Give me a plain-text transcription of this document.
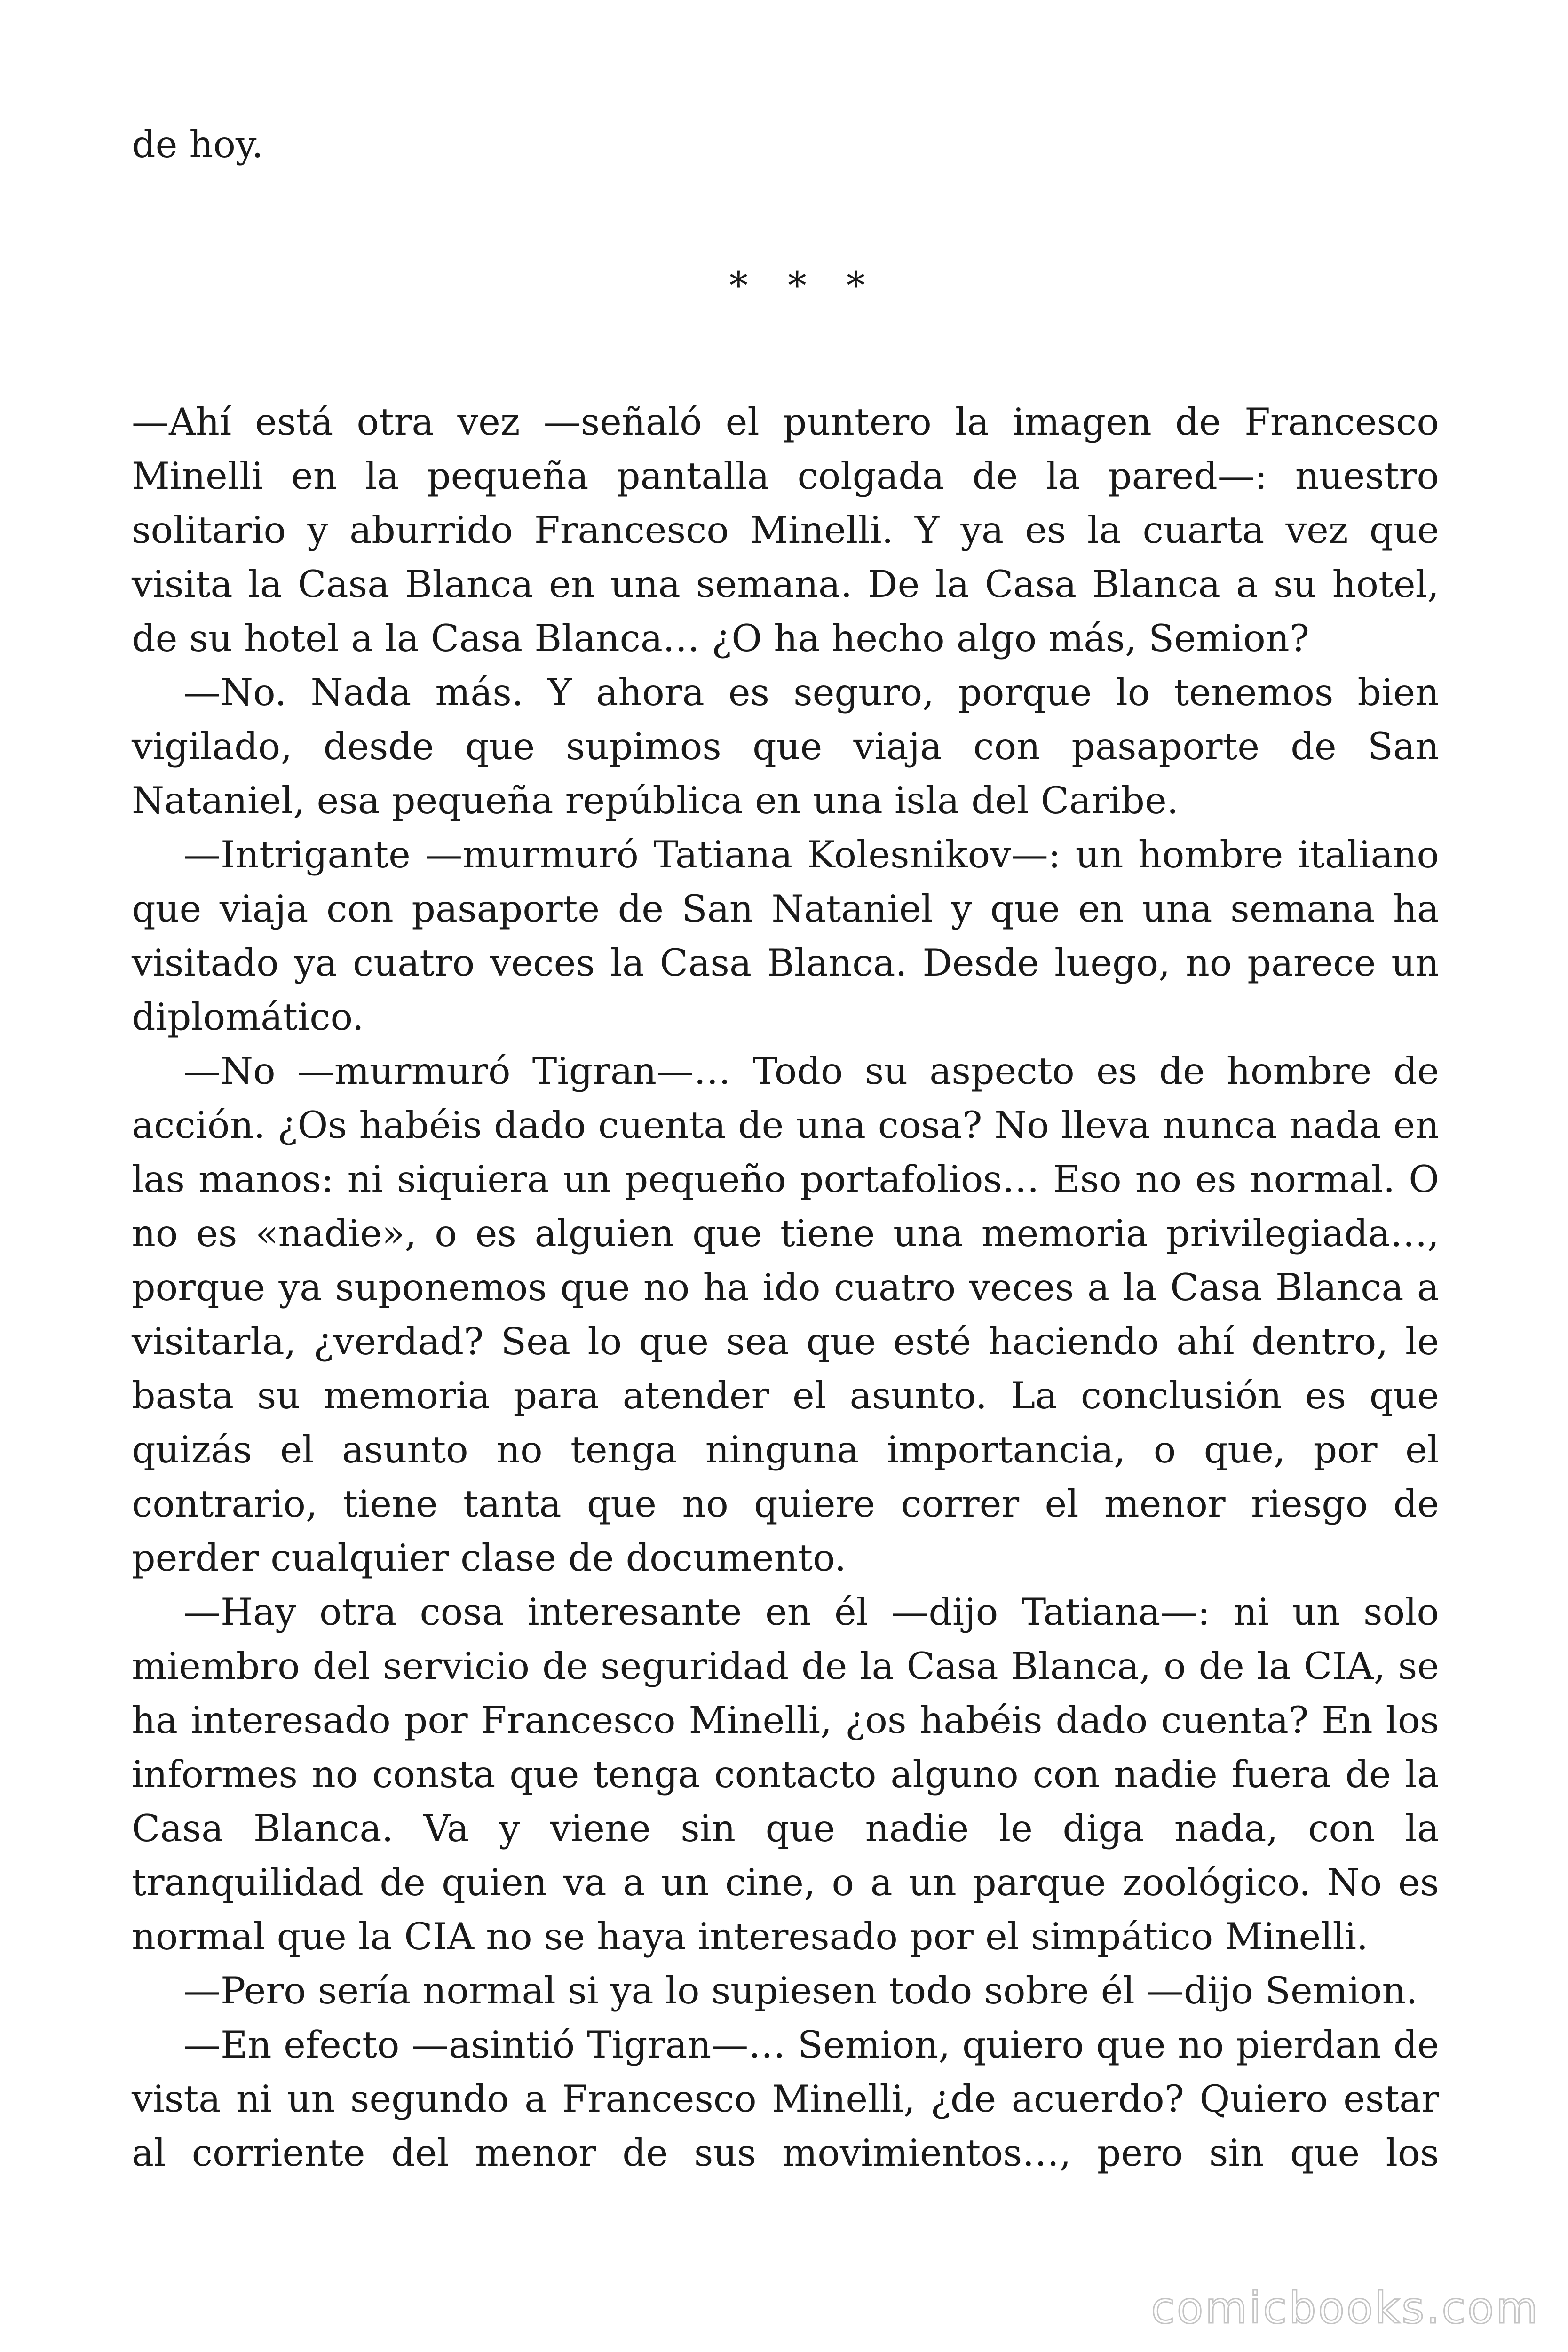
de hoy.

* * *

—Ahí está otra vez —señaló el puntero la imagen de Francesco Minelli en la pequeña pantalla colgada de la pared—: nuestro solitario y aburrido Francesco Minelli. Y ya es la cuarta vez que visita la Casa Blanca en una semana. De la Casa Blanca a su hotel, de su hotel a la Casa Blanca… ¿O ha hecho algo más, Semion?

—No. Nada más. Y ahora es seguro, porque lo tenemos bien vigilado, desde que supimos que viaja con pasaporte de San Nataniel, esa pequeña república en una isla del Caribe.

—Intrigante —murmuró Tatiana Kolesnikov—: un hombre italiano que viaja con pasaporte de San Nataniel y que en una semana ha visitado ya cuatro veces la Casa Blanca. Desde luego, no parece un diplomático.

—No —murmuró Tigran—… Todo su aspecto es de hombre de acción. ¿Os habéis dado cuenta de una cosa? No lleva nunca nada en las manos: ni siquiera un pequeño portafolios… Eso no es normal. O no es «nadie», o es alguien que tiene una memoria privilegiada…, porque ya suponemos que no ha ido cuatro veces a la Casa Blanca a visitarla, ¿verdad? Sea lo que sea que esté haciendo ahí dentro, le basta su memoria para atender el asunto. La conclusión es que quizás el asunto no tenga ninguna importancia, o que, por el contrario, tiene tanta que no quiere correr el menor riesgo de perder cualquier clase de documento.

—Hay otra cosa interesante en él —dijo Tatiana—: ni un solo miembro del servicio de seguridad de la Casa Blanca, o de la CIA, se ha interesado por Francesco Minelli, ¿os habéis dado cuenta? En los informes no consta que tenga contacto alguno con nadie fuera de la Casa Blanca. Va y viene sin que nadie le diga nada, con la tranquilidad de quien va a un cine, o a un parque zoológico. No es normal que la CIA no se haya interesado por el simpático Minelli.

—Pero sería normal si ya lo supiesen todo sobre él —dijo Semion.

—En efecto —asintió Tigran—… Semion, quiero que no pierdan de vista ni un segundo a Francesco Minelli, ¿de acuerdo? Quiero estar al corriente del menor de sus movimientos…, pero sin que los

comicbooks.com
